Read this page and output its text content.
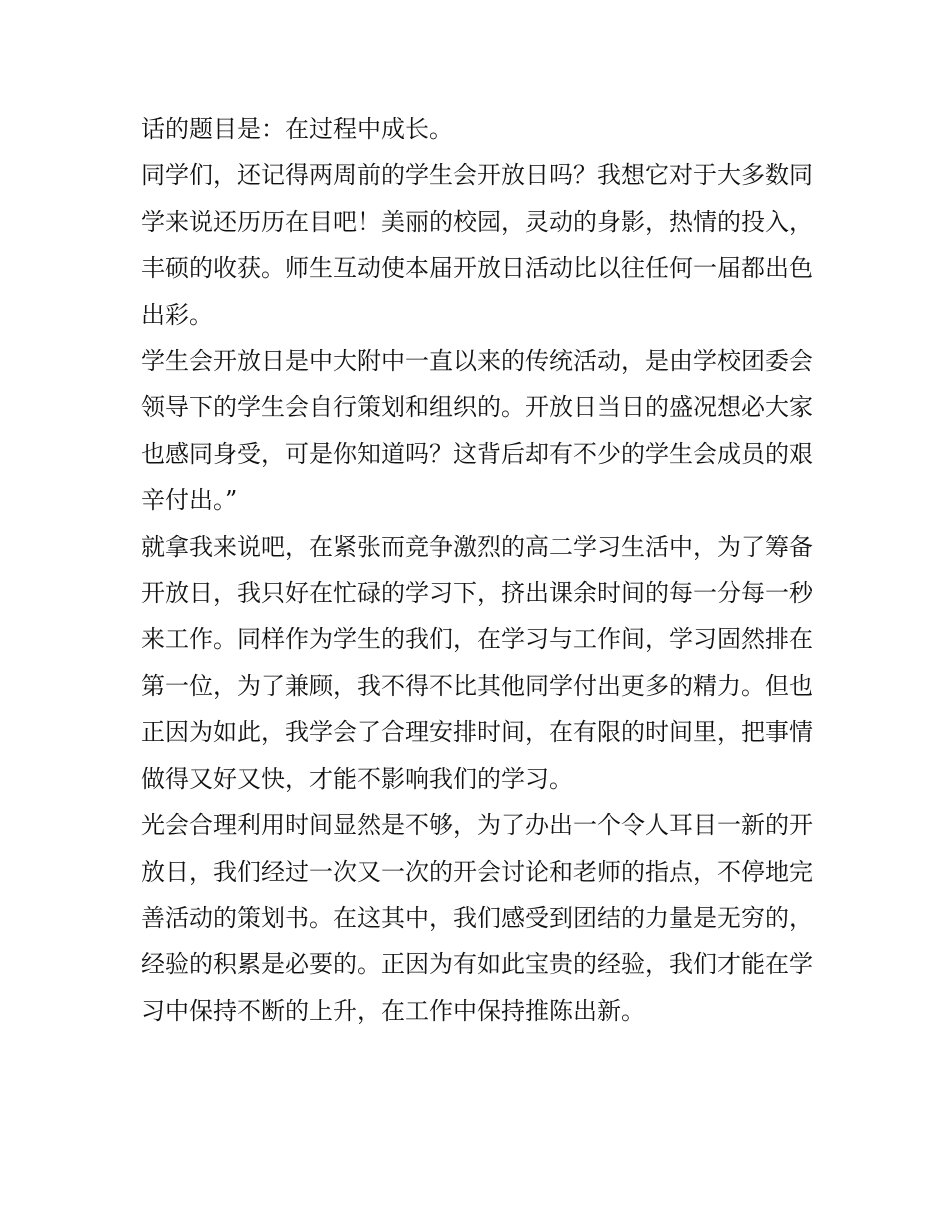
话的题目是：在过程中成长。

同学们，还记得两周前的学生会开放日吗？我想它对于大多数同学来说还历历在目吧！美丽的校园，灵动的身影，热情的投入，丰硕的收获。师生互动使本届开放日活动比以往任何一届都出色出彩。

学生会开放日是中大附中一直以来的传统活动，是由学校团委会领导下的学生会自行策划和组织的。开放日当日的盛况想必大家也感同身受，可是你知道吗？这背后却有不少的学生会成员的艰辛付出。”

就拿我来说吧，在紧张而竞争激烈的高二学习生活中，为了筹备开放日，我只好在忙碌的学习下，挤出课余时间的每一分每一秒来工作。同样作为学生的我们，在学习与工作间，学习固然排在第一位，为了兼顾，我不得不比其他同学付出更多的精力。但也正因为如此，我学会了合理安排时间，在有限的时间里，把事情做得又好又快，才能不影响我们的学习。

光会合理利用时间显然是不够，为了办出一个令人耳目一新的开放日，我们经过一次又一次的开会讨论和老师的指点，不停地完善活动的策划书。在这其中，我们感受到团结的力量是无穷的，经验的积累是必要的。正因为有如此宝贵的经验，我们才能在学习中保持不断的上升，在工作中保持推陈出新。
